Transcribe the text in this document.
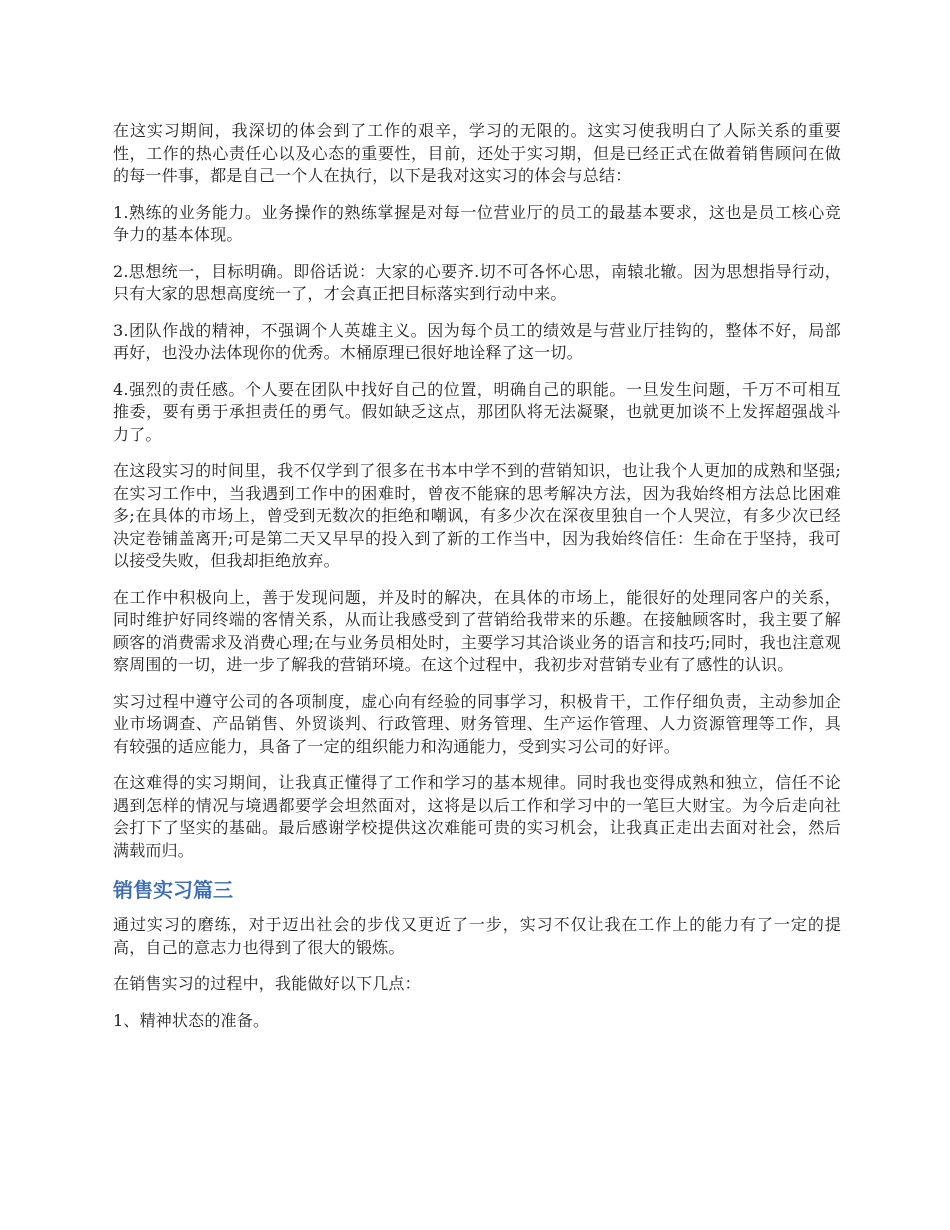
在这实习期间，我深切的体会到了工作的艰辛，学习的无限的。这实习使我明白了人际关系的重要性，工作的热心责任心以及心态的重要性，目前，还处于实习期，但是已经正式在做着销售顾问在做的每一件事，都是自己一个人在执行，以下是我对这实习的体会与总结：

1.熟练的业务能力。业务操作的熟练掌握是对每一位营业厅的员工的最基本要求，这也是员工核心竞争力的基本体现。

2.思想统一，目标明确。即俗话说：大家的心要齐.切不可各怀心思，南辕北辙。因为思想指导行动，只有大家的思想高度统一了，才会真正把目标落实到行动中来。

3.团队作战的精神，不强调个人英雄主义。因为每个员工的绩效是与营业厅挂钩的，整体不好，局部再好，也没办法体现你的优秀。木桶原理已很好地诠释了这一切。

4.强烈的责任感。个人要在团队中找好自己的位置，明确自己的职能。一旦发生问题，千万不可相互推委，要有勇于承担责任的勇气。假如缺乏这点，那团队将无法凝聚，也就更加谈不上发挥超强战斗力了。

在这段实习的时间里，我不仅学到了很多在书本中学不到的营销知识，也让我个人更加的成熟和坚强;在实习工作中，当我遇到工作中的困难时，曾夜不能寐的思考解决方法，因为我始终相方法总比困难多;在具体的市场上，曾受到无数次的拒绝和嘲讽，有多少次在深夜里独自一个人哭泣，有多少次已经决定卷铺盖离开;可是第二天又早早的投入到了新的工作当中，因为我始终信任：生命在于坚持，我可以接受失败，但我却拒绝放弃。

在工作中积极向上，善于发现问题，并及时的解决，在具体的市场上，能很好的处理同客户的关系，同时维护好同终端的客情关系，从而让我感受到了营销给我带来的乐趣。在接触顾客时，我主要了解顾客的消费需求及消费心理;在与业务员相处时，主要学习其洽谈业务的语言和技巧;同时，我也注意观察周围的一切，进一步了解我的营销环境。在这个过程中，我初步对营销专业有了感性的认识。

实习过程中遵守公司的各项制度，虚心向有经验的同事学习，积极肯干，工作仔细负责，主动参加企业市场调查、产品销售、外贸谈判、行政管理、财务管理、生产运作管理、人力资源管理等工作，具有较强的适应能力，具备了一定的组织能力和沟通能力，受到实习公司的好评。

在这难得的实习期间，让我真正懂得了工作和学习的基本规律。同时我也变得成熟和独立，信任不论遇到怎样的情况与境遇都要学会坦然面对，这将是以后工作和学习中的一笔巨大财宝。为今后走向社会打下了坚实的基础。最后感谢学校提供这次难能可贵的实习机会，让我真正走出去面对社会，然后满载而归。

销售实习篇三

通过实习的磨练，对于迈出社会的步伐又更近了一步，实习不仅让我在工作上的能力有了一定的提高，自己的意志力也得到了很大的锻炼。

在销售实习的过程中，我能做好以下几点：

1、精神状态的准备。
